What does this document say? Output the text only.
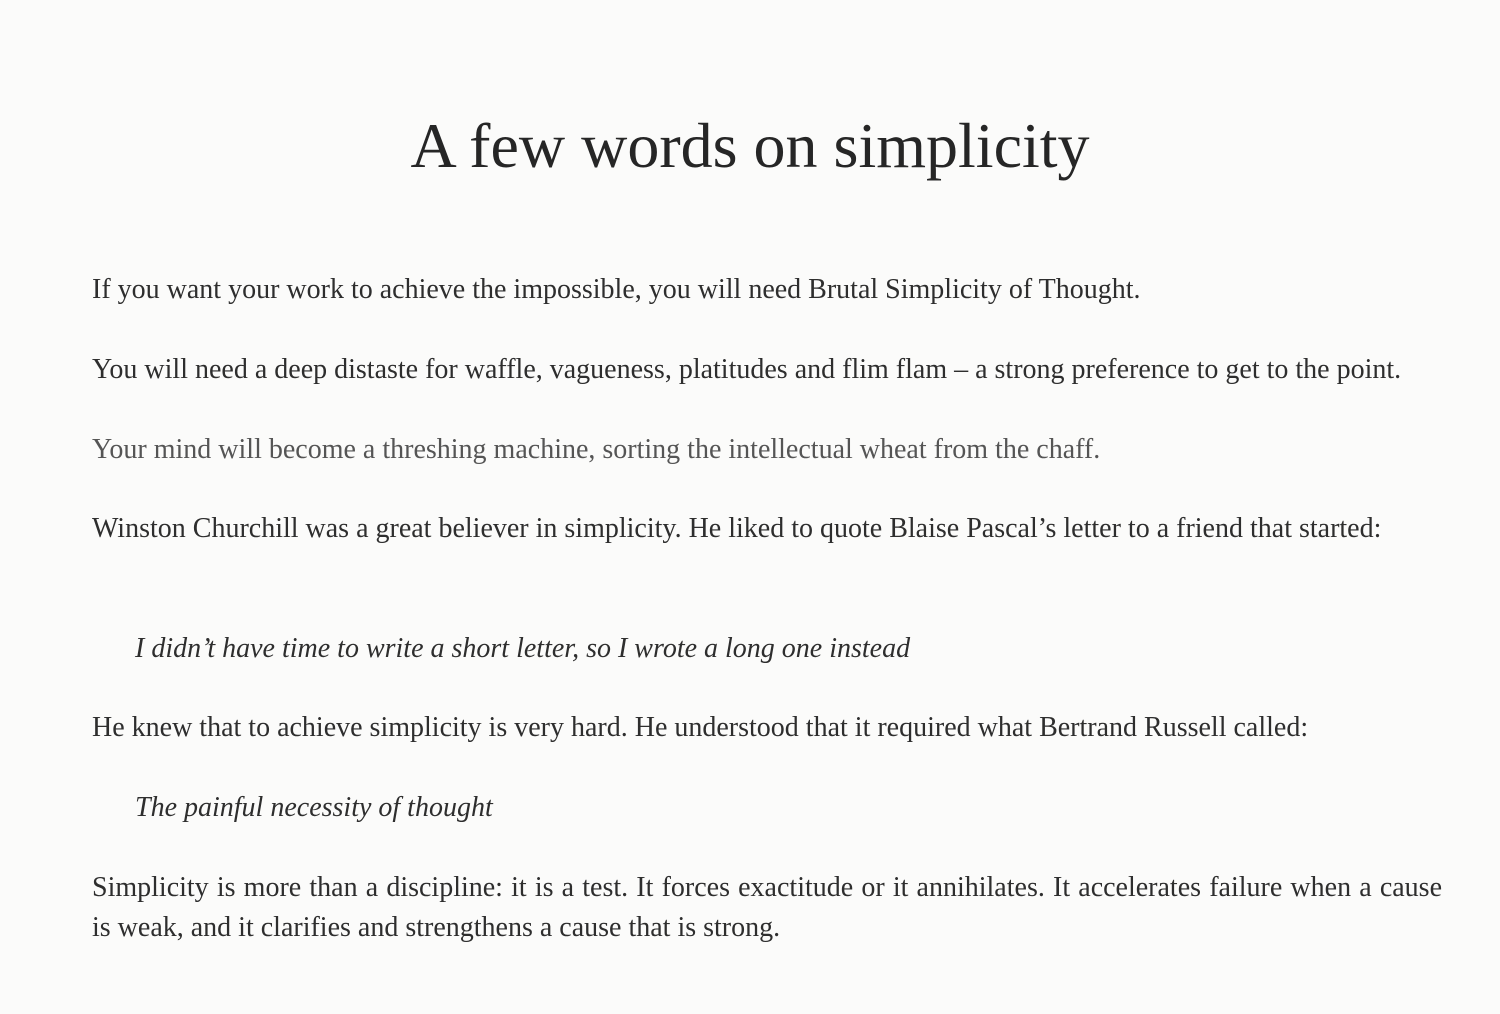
A few words on simplicity

If you want your work to achieve the impossible, you will need Brutal Simplicity of Thought.

You will need a deep distaste for waffle, vagueness, platitudes and flim flam – a strong preference to get to the point.

Your mind will become a threshing machine, sorting the intellectual wheat from the chaff.

Winston Churchill was a great believer in simplicity. He liked to quote Blaise Pascal’s letter to a friend that started:

I didn’t have time to write a short letter, so I wrote a long one instead

He knew that to achieve simplicity is very hard. He understood that it required what Bertrand Russell called:

The painful necessity of thought

Simplicity is more than a discipline: it is a test. It forces exactitude or it annihilates. It accelerates failure when a cause is weak, and it clarifies and strengthens a cause that is strong.
